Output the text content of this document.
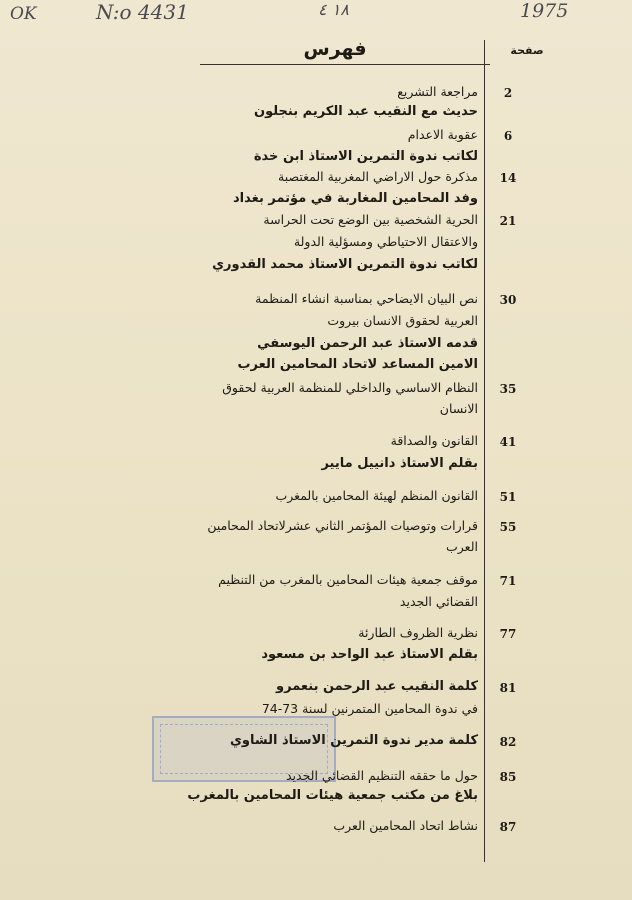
OK	N:o 4431	١٨ ٤	1975
فهرس	صفحة
2
مراجعة التشريع
حديث مع النقيب عبد الكريم بنجلون
6
عقوبة الاعدام
لكاتب ندوة التمرين الاستاذ ابن خدة
14
مذكرة حول الاراضي المغربية المغتصبة
وفد المحامين المغاربة في مؤتمر بغداد
21
الحرية الشخصية بين الوضع تحت الحراسة
والاعتقال الاحتياطي ومسؤلية الدولة
لكاتب ندوة التمرين الاستاذ محمد القدوري
30
نص البيان الايضاحي بمناسبة انشاء المنظمة
العربية لحقوق الانسان بيروت
قدمه الاستاذ عبد الرحمن اليوسفي
الامين المساعد لاتحاد المحامين العرب
35
النظام الاساسي والداخلي للمنظمة العربية لحقوق
الانسان
41
القانون والصداقة
بقلم الاستاذ دانييل مايير
51
القانون المنظم لهيئة المحامين بالمغرب
55
قرارات وتوصيات المؤتمر الثاني عشرلاتحاد المحامين
العرب
71
موقف جمعية هيئات المحامين بالمغرب من التنظيم
القضائي الجديد
77
نظرية الظروف الطارئة
بقلم الاستاذ عبد الواحد بن مسعود
81
كلمة النقيب عبد الرحمن بنعمرو
في ندوة المحامين المتمرنين لسنة 73-74
82
كلمة مدير ندوة التمرين الاستاذ الشاوي
85
حول ما حققه التنظيم القضائي الجديد
بلاغ من مكتب جمعية هيئات المحامين بالمغرب
87
نشاط اتحاد المحامين العرب
